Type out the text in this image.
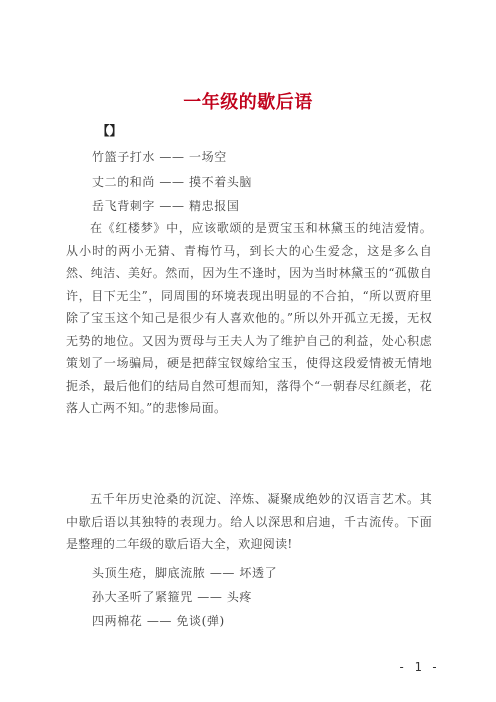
一年级的歇后语
【】
竹篮子打水 —— 一场空
丈二的和尚 —— 摸不着头脑
岳飞背刺字 —— 精忠报国
在《红楼梦》中，应该歌颂的是贾宝玉和林黛玉的纯洁爱情。从小时的两小无猜、青梅竹马，到长大的心生爱念，这是多么自然、纯洁、美好。然而，因为生不逢时，因为当时林黛玉的“孤傲自许，目下无尘”，同周围的环境表现出明显的不合拍，“所以贾府里除了宝玉这个知己是很少有人喜欢他的。”所以外开孤立无援，无权无势的地位。又因为贾母与王夫人为了维护自己的利益，处心积虑策划了一场骗局，硬是把薛宝钗嫁给宝玉，使得这段爱情被无情地扼杀，最后他们的结局自然可想而知，落得个“一朝春尽红颜老，花落人亡两不知。”的悲惨局面。
五千年历史沧桑的沉淀、淬炼、凝聚成绝妙的汉语言艺术。其中歇后语以其独特的表现力。给人以深思和启迪，千古流传。下面是整理的二年级的歇后语大全，欢迎阅读!
头顶生疮，脚底流脓 —— 坏透了
孙大圣听了紧箍咒 —— 头疼
四两棉花 —— 免谈(弹)
- 1 -
